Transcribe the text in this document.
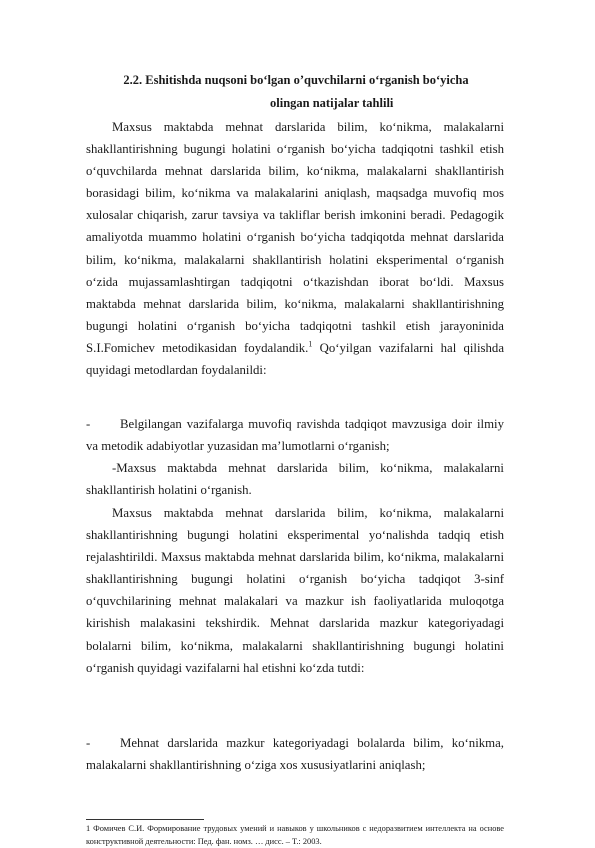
2.2. Eshitishda nuqsoni bo‘lgan o’quvchilarni o‘rganish bo‘yicha
olingan natijalar tahlili
Maxsus maktabda mehnat darslarida bilim, ko‘nikma, malakalarni shakllantirishning bugungi holatini o‘rganish bo‘yicha tadqiqotni tashkil etish o‘quvchilarda mehnat darslarida bilim, ko‘nikma, malakalarni shakllantirish borasidagi bilim, ko‘nikma va malakalarini aniqlash, maqsadga muvofiq mos xulosalar chiqarish, zarur tavsiya va takliflar berish imkonini beradi. Pedagogik amaliyotda muammo holatini o‘rganish bo‘yicha tadqiqotda mehnat darslarida bilim, ko‘nikma, malakalarni shakllantirish holatini eksperimental o‘rganish o‘zida mujassamlashtirgan tadqiqotni o‘tkazishdan iborat bo‘ldi. Maxsus maktabda mehnat darslarida bilim, ko‘nikma, malakalarni shakllantirishning bugungi holatini o‘rganish bo‘yicha tadqiqotni tashkil etish jarayoninida S.I.Fomichev metodikasidan foydalandik.$^1$ Qo‘yilgan vazifalarni hal qilishda quyidagi metodlardan foydalanildi:
- Belgilangan vazifalarga muvofiq ravishda tadqiqot mavzusiga doir ilmiy va metodik adabiyotlar yuzasidan ma’lumotlarni o‘rganish;
-Maxsus maktabda mehnat darslarida bilim, ko‘nikma, malakalarni shakllantirish holatini o‘rganish.
Maxsus maktabda mehnat darslarida bilim, ko‘nikma, malakalarni shakllantirishning bugungi holatini eksperimental yo‘nalishda tadqiq etish rejalashtirildi. Maxsus maktabda mehnat darslarida bilim, ko‘nikma, malakalarni shakllantirishning bugungi holatini o‘rganish bo‘yicha tadqiqot 3-sinf o‘quvchilarining mehnat malakalari va mazkur ish faoliyatlarida muloqotga kirishish malakasini tekshirdik. Mehnat darslarida mazkur kategoriyadagi bolalarni bilim, ko‘nikma, malakalarni shakllantirishning bugungi holatini o‘rganish quyidagi vazifalarni hal etishni ko‘zda tutdi:
- Mehnat darslarida mazkur kategoriyadagi bolalarda bilim, ko‘nikma, malakalarni shakllantirishning o‘ziga xos xususiyatlarini aniqlash;
1 Фомичев С.И. Формирование трудовых умений и навыков у школьников с недоразвитием интеллекта на основе конструктивной деятельности: Пед. фан. номз. … дисс. – Т.: 2003.
